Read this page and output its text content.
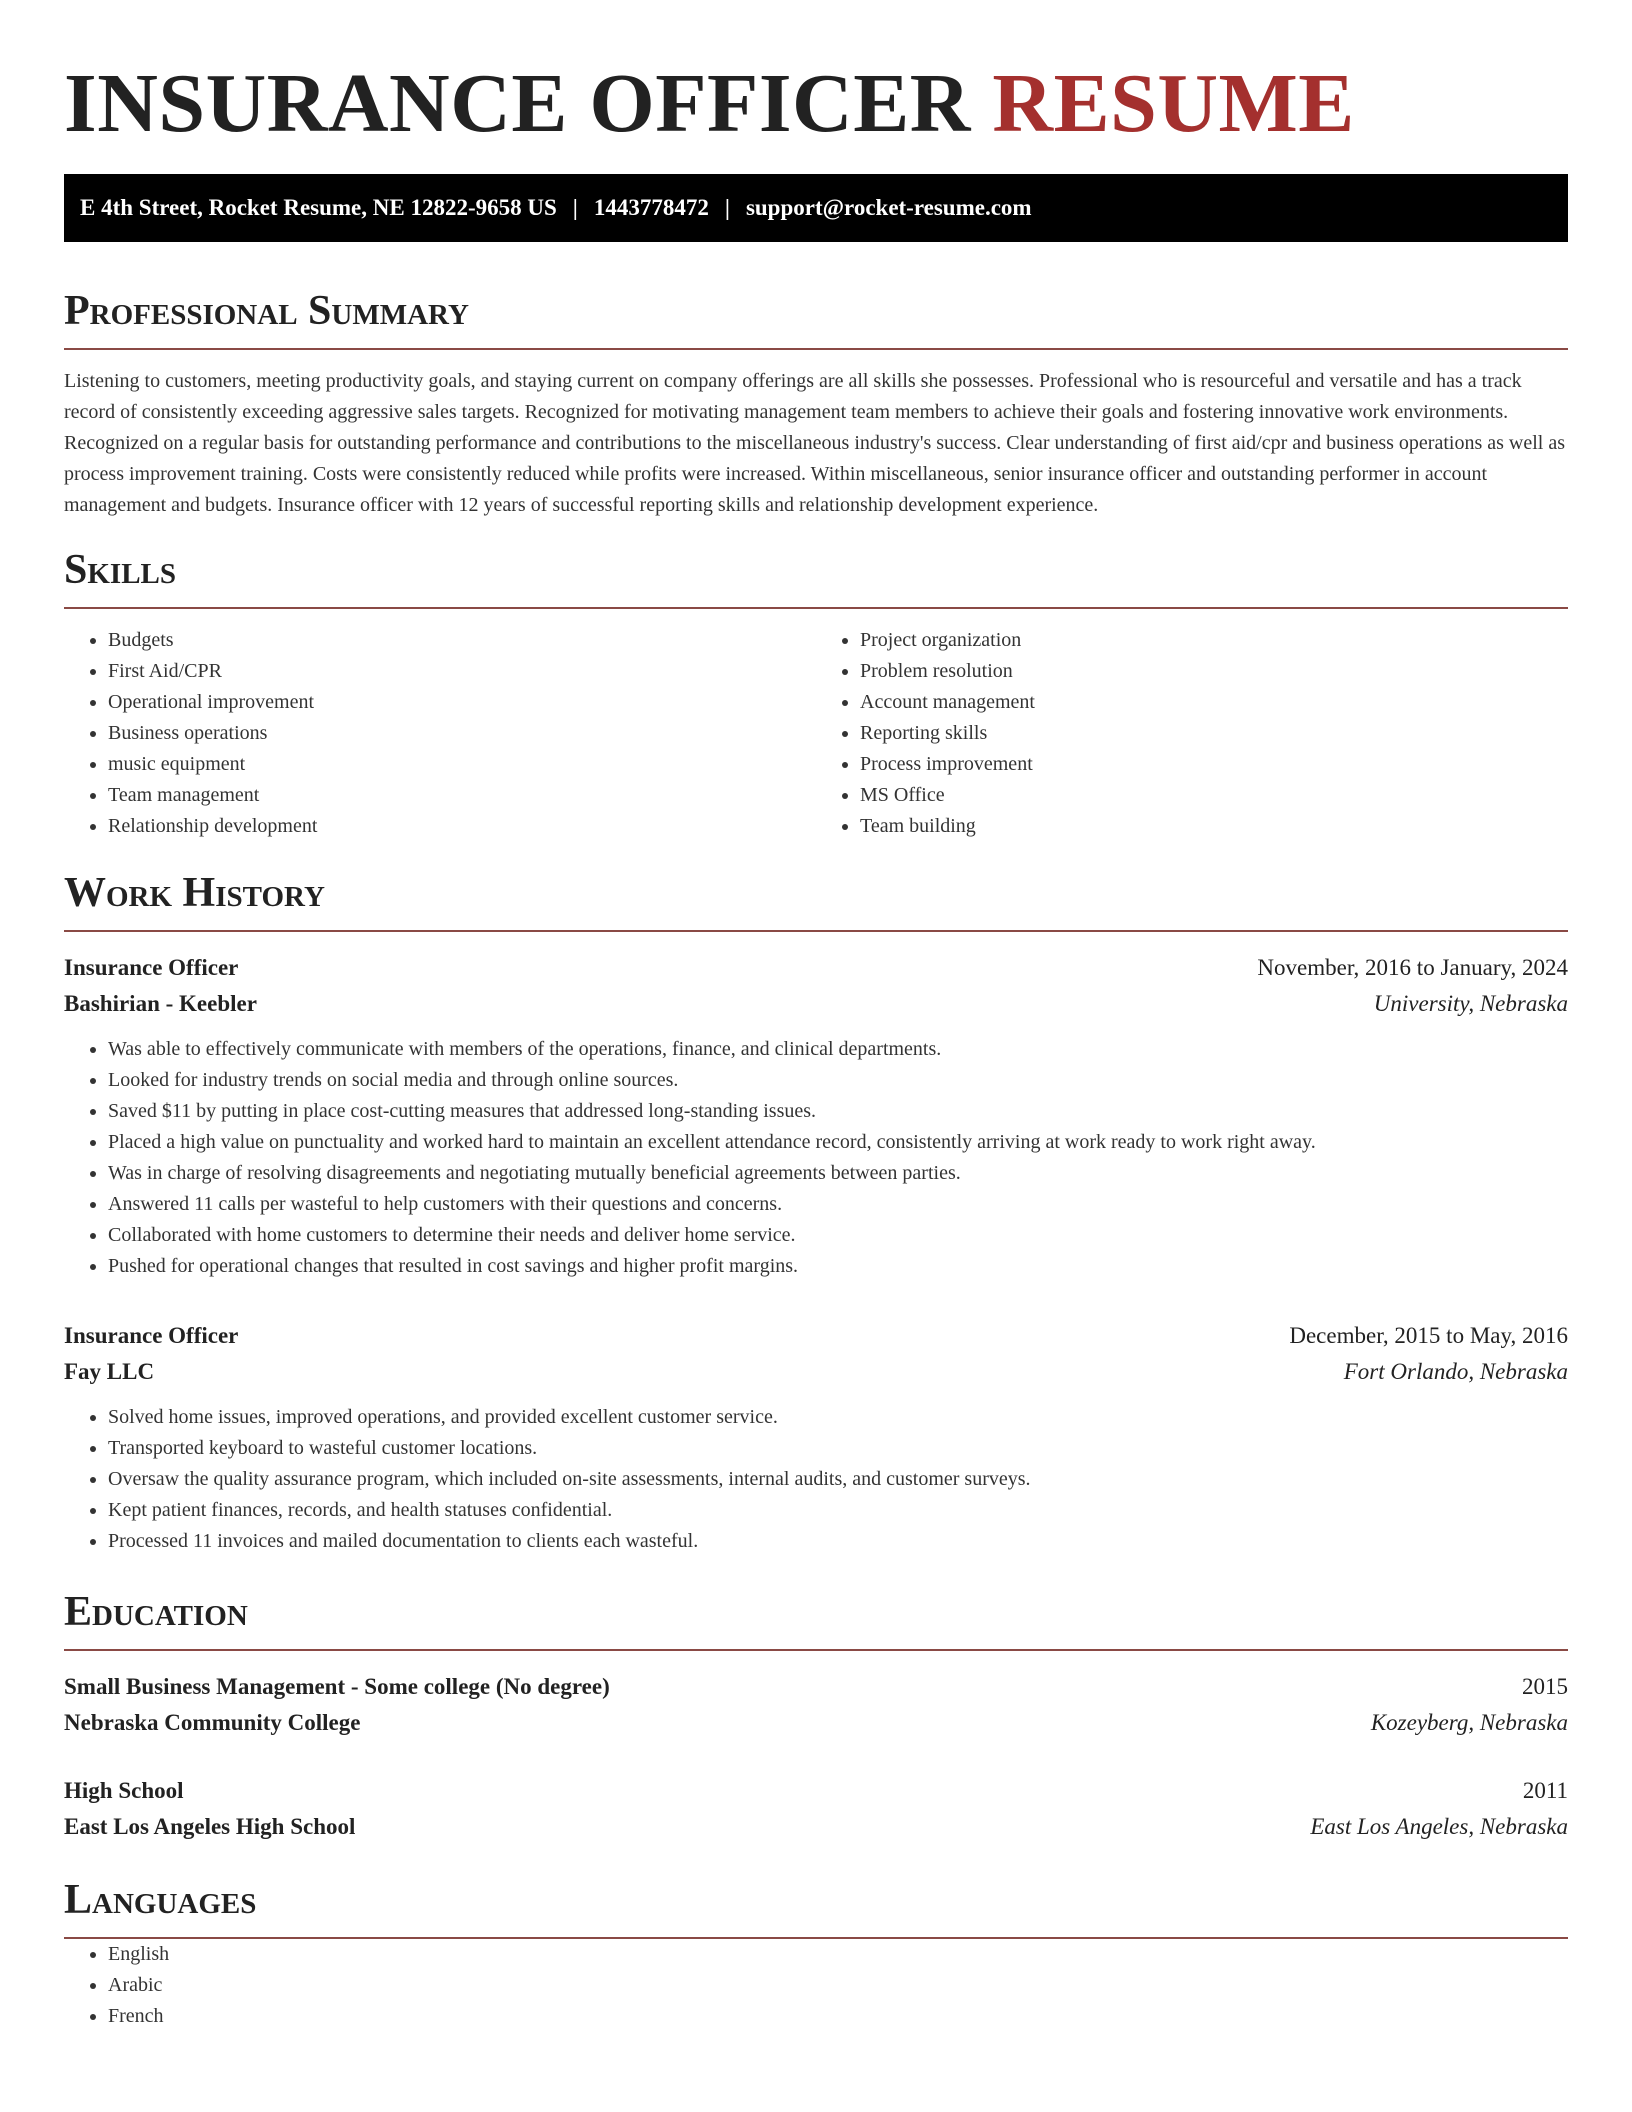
INSURANCE OFFICER RESUME
E 4th Street, Rocket Resume, NE 12822-9658 US | 1443778472 | support@rocket-resume.com
Professional Summary

Listening to customers, meeting productivity goals, and staying current on company offerings are all skills she possesses. Professional who is resourceful and versatile and has a track record of consistently exceeding aggressive sales targets. Recognized for motivating management team members to achieve their goals and fostering innovative work environments. Recognized on a regular basis for outstanding performance and contributions to the miscellaneous industry's success. Clear understanding of first aid/cpr and business operations as well as process improvement training. Costs were consistently reduced while profits were increased. Within miscellaneous, senior insurance officer and outstanding performer in account management and budgets. Insurance officer with 12 years of successful reporting skills and relationship development experience.

Skills
• Budgets
• First Aid/CPR
• Operational improvement
• Business operations
• music equipment
• Team management
• Relationship development
• Project organization
• Problem resolution
• Account management
• Reporting skills
• Process improvement
• MS Office
• Team building
Work History
Insurance Officer	November, 2016 to January, 2024
Bashirian - Keebler	University, Nebraska
• Was able to effectively communicate with members of the operations, finance, and clinical departments.
• Looked for industry trends on social media and through online sources.
• Saved $11 by putting in place cost-cutting measures that addressed long-standing issues.
• Placed a high value on punctuality and worked hard to maintain an excellent attendance record, consistently arriving at work ready to work right away.
• Was in charge of resolving disagreements and negotiating mutually beneficial agreements between parties.
• Answered 11 calls per wasteful to help customers with their questions and concerns.
• Collaborated with home customers to determine their needs and deliver home service.
• Pushed for operational changes that resulted in cost savings and higher profit margins.
Insurance Officer	December, 2015 to May, 2016
Fay LLC	Fort Orlando, Nebraska
• Solved home issues, improved operations, and provided excellent customer service.
• Transported keyboard to wasteful customer locations.
• Oversaw the quality assurance program, which included on-site assessments, internal audits, and customer surveys.
• Kept patient finances, records, and health statuses confidential.
• Processed 11 invoices and mailed documentation to clients each wasteful.
Education
Small Business Management - Some college (No degree)	2015
Nebraska Community College	Kozeyberg, Nebraska
High School	2011
East Los Angeles High School	East Los Angeles, Nebraska
Languages
• English
• Arabic
• French
